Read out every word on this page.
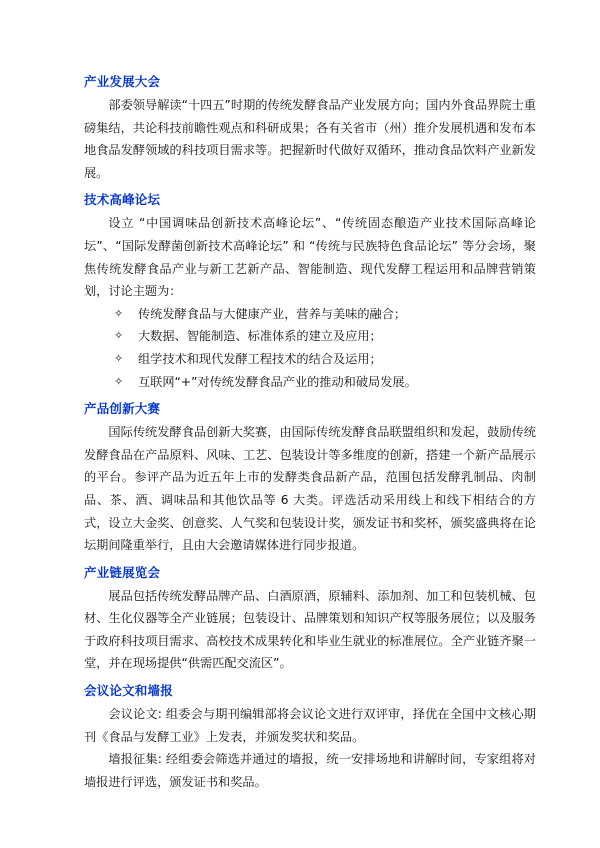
产业发展大会

部委领导解读“十四五”时期的传统发酵食品产业发展方向；国内外食品界院士重磅集结，共论科技前瞻性观点和科研成果；各有关省市（州）推介发展机遇和发布本地食品发酵领域的科技项目需求等。把握新时代做好双循环，推动食品饮料产业新发展。

技术高峰论坛

设立 “中国调味品创新技术高峰论坛”、“传统固态酿造产业技术国际高峰论坛”、“国际发酵菌创新技术高峰论坛” 和 “传统与民族特色食品论坛” 等分会场，聚焦传统发酵食品产业与新工艺新产品、智能制造、现代发酵工程运用和品牌营销策划，讨论主题为：

✧ 传统发酵食品与大健康产业，营养与美味的融合；
✧ 大数据、智能制造、标准体系的建立及应用；
✧ 组学技术和现代发酵工程技术的结合及运用；
✧ 互联网“+”对传统发酵食品产业的推动和破局发展。
产品创新大赛

国际传统发酵食品创新大奖赛，由国际传统发酵食品联盟组织和发起，鼓励传统发酵食品在产品原料、风味、工艺、包装设计等多维度的创新，搭建一个新产品展示的平台。参评产品为近五年上市的发酵类食品新产品，范围包括发酵乳制品、肉制品、茶、酒、调味品和其他饮品等 6 大类。评选活动采用线上和线下相结合的方式，设立大金奖、创意奖、人气奖和包装设计奖，颁发证书和奖杯，颁奖盛典将在论坛期间隆重举行，且由大会邀请媒体进行同步报道。

产业链展览会

展品包括传统发酵品牌产品、白酒原酒，原辅料、添加剂、加工和包装机械、包材、生化仪器等全产业链展；包装设计、品牌策划和知识产权等服务展位；以及服务于政府科技项目需求、高校技术成果转化和毕业生就业的标准展位。全产业链齐聚一堂，并在现场提供“供需匹配交流区”。

会议论文和墙报

会议论文: 组委会与期刊编辑部将会议论文进行双评审，择优在全国中文核心期刊《食品与发酵工业》上发表，并颁发奖状和奖品。

墙报征集: 经组委会筛选并通过的墙报，统一安排场地和讲解时间，专家组将对墙报进行评选，颁发证书和奖品。
